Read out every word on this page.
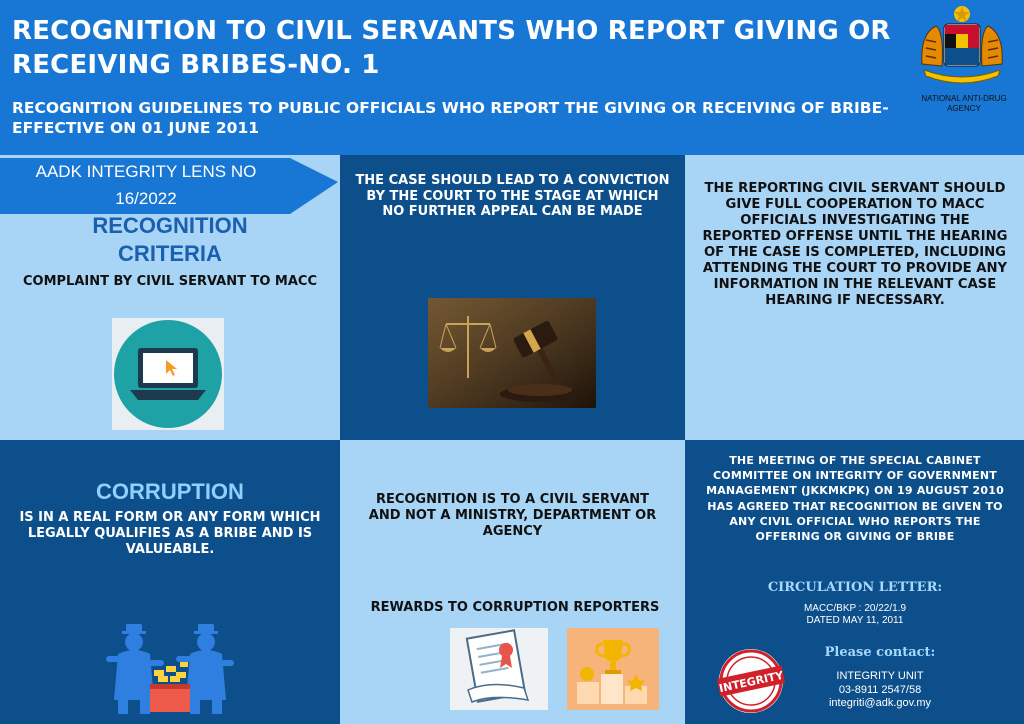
RECOGNITION TO CIVIL SERVANTS WHO REPORT GIVING OR RECEIVING BRIBES-NO. 1
RECOGNITION GUIDELINES TO PUBLIC OFFICIALS WHO REPORT THE GIVING OR RECEIVING OF BRIBE-EFFECTIVE ON 01 JUNE 2011
NATIONAL ANTI-DRUG AGENCY
AADK INTEGRITY LENS NO 16/2022
RECOGNITION CRITERIA
COMPLAINT BY CIVIL SERVANT TO MACC
THE CASE SHOULD LEAD TO A CONVICTION BY THE COURT TO THE STAGE AT WHICH NO FURTHER APPEAL CAN BE MADE
THE REPORTING CIVIL SERVANT SHOULD GIVE FULL COOPERATION TO MACC OFFICIALS INVESTIGATING THE REPORTED OFFENSE UNTIL THE HEARING OF THE CASE IS COMPLETED, INCLUDING ATTENDING THE COURT TO PROVIDE ANY INFORMATION IN THE RELEVANT CASE HEARING IF NECESSARY.
CORRUPTION
IS IN A REAL FORM OR ANY FORM WHICH LEGALLY QUALIFIES AS A BRIBE AND IS VALUEABLE.
RECOGNITION IS TO A CIVIL SERVANT AND NOT A MINISTRY, DEPARTMENT OR AGENCY
REWARDS TO CORRUPTION REPORTERS
THE MEETING OF THE SPECIAL CABINET COMMITTEE ON INTEGRITY OF GOVERNMENT MANAGEMENT (JKKMKPK) ON 19 AUGUST 2010 HAS AGREED THAT RECOGNITION BE GIVEN TO ANY CIVIL OFFICIAL WHO REPORTS THE OFFERING OR GIVING OF BRIBE
CIRCULATION LETTER:
MACC/BKP : 20/22/1.9
DATED MAY 11, 2011
Please contact:
INTEGRITY UNIT
03-8911 2547/58
integriti@adk.gov.my
INTEGRITY
